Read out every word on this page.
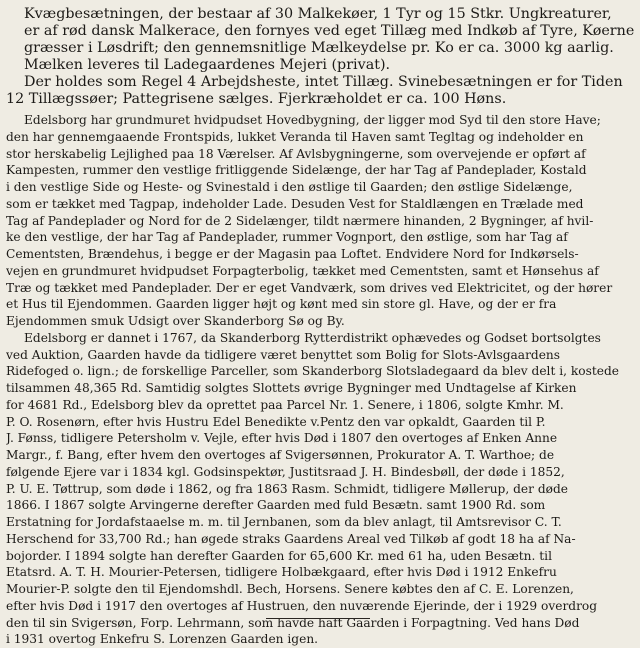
Kvægbesætningen, der bestaar af 30 Malkekøer, 1 Tyr og 15 Stkr. Ungkreaturer,
er af rød dansk Malkerace, den fornyes ved eget Tillæg med Indkøb af Tyre, Køerne
græsser i Løsdrift; den gennemsnitlige Mælkeydelse pr. Ko er ca. 3000 kg aarlig.
Mælken leveres til Ladegaardenes Mejeri (privat).
Der holdes som Regel 4 Arbejdsheste, intet Tillæg. Svinebesætningen er for Tiden
12 Tillægssøer; Pattegrisene sælges. Fjerkræholdet er ca. 100 Høns.
Edelsborg har grundmuret hvidpudset Hovedbygning, der ligger mod Syd til den store Have;
den har gennemgaaende Frontspids, lukket Veranda til Haven samt Tegltag og indeholder en
stor herskabelig Lejlighed paa 18 Værelser. Af Avlsbygningerne, som overvejende er opført af
Kampesten, rummer den vestlige fritliggende Sidelænge, der har Tag af Pandeplader, Kostald
i den vestlige Side og Heste- og Svinestald i den østlige til Gaarden; den østlige Sidelænge,
som er tækket med Tagpap, indeholder Lade. Desuden Vest for Staldlængen en Trælade med
Tag af Pandeplader og Nord for de 2 Sidelænger, tildt nærmere hinanden, 2 Bygninger, af hvil-
ke den vestlige, der har Tag af Pandeplader, rummer Vognport, den østlige, som har Tag af
Cementsten, Brændehus, i begge er der Magasin paa Loftet. Endvidere Nord for Indkørsels-
vejen en grundmuret hvidpudset Forpagterbolig, tækket med Cementsten, samt et Hønsehus af
Træ og tækket med Pandeplader. Der er eget Vandværk, som drives ved Elektricitet, og der hører
et Hus til Ejendommen. Gaarden ligger højt og kønt med sin store gl. Have, og der er fra
Ejendommen smuk Udsigt over Skanderborg Sø og By.
Edelsborg er dannet i 1767, da Skanderborg Rytterdistrikt ophævedes og Godset bortsolgtes
ved Auktion, Gaarden havde da tidligere været benyttet som Bolig for Slots-Avlsgaardens
Ridefoged o. lign.; de forskellige Parceller, som Skanderborg Slotsladegaard da blev delt i, kostede
tilsammen 48,365 Rd. Samtidig solgtes Slottets øvrige Bygninger med Undtagelse af Kirken
for 4681 Rd., Edelsborg blev da oprettet paa Parcel Nr. 1. Senere, i 1806, solgte Kmhr. M.
P. O. Rosenørn, efter hvis Hustru Edel Benedikte v.Pentz den var opkaldt, Gaarden til P.
J. Fønss, tidligere Petersholm v. Vejle, efter hvis Død i 1807 den overtoges af Enken Anne
Margr., f. Bang, efter hvem den overtoges af Svigersønnen, Prokurator A. T. Warthoe; de
følgende Ejere var i 1834 kgl. Godsinspektør, Justitsraad J. H. Bindesbøll, der døde i 1852,
P. U. E. Tøttrup, som døde i 1862, og fra 1863 Rasm. Schmidt, tidligere Møllerup, der døde
1866. I 1867 solgte Arvingerne derefter Gaarden med fuld Besætn. samt 1900 Rd. som
Erstatning for Jordafstaaelse m. m. til Jernbanen, som da blev anlagt, til Amtsrevisor C. T.
Herschend for 33,700 Rd.; han øgede straks Gaardens Areal ved Tilkøb af godt 18 ha af Na-
bojorder. I 1894 solgte han derefter Gaarden for 65,600 Kr. med 61 ha, uden Besætn. til
Etatsrd. A. T. H. Mourier-Petersen, tidligere Holbækgaard, efter hvis Død i 1912 Enkefru
Mourier-P. solgte den til Ejendomshdl. Bech, Horsens. Senere købtes den af C. E. Lorenzen,
efter hvis Død i 1917 den overtoges af Hustruen, den nuværende Ejerinde, der i 1929 overdrog
den til sin Svigersøn, Forp. Lehrmann, som havde haft Gaarden i Forpagtning. Ved hans Død
i 1931 overtog Enkefru S. Lorenzen Gaarden igen.
